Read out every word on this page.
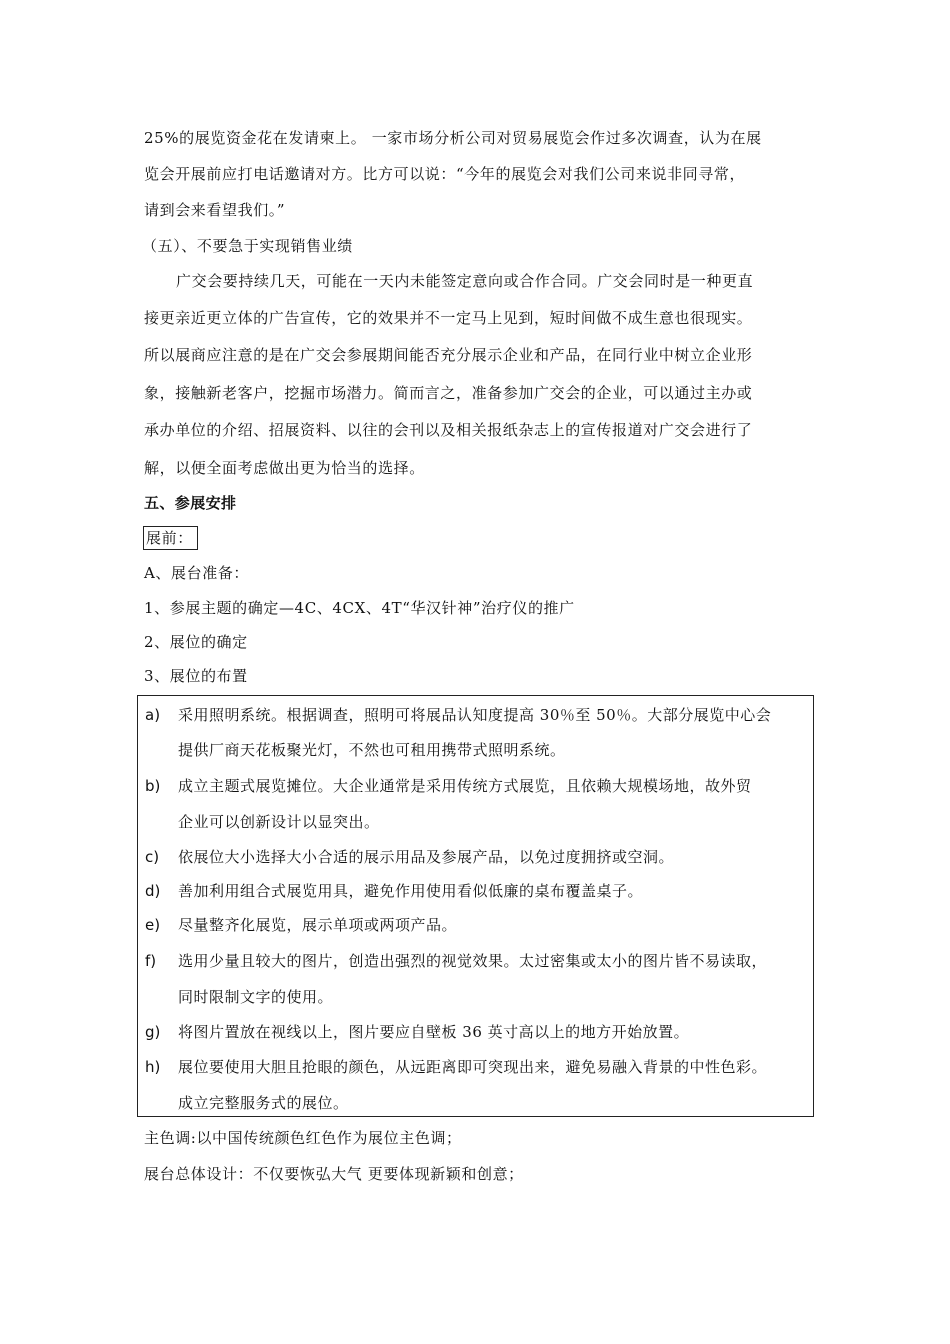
25%的展览资金花在发请柬上。 一家市场分析公司对贸易展览会作过多次调查，认为在展
览会开展前应打电话邀请对方。比方可以说：“今年的展览会对我们公司来说非同寻常，
请到会来看望我们。”
（五）、不要急于实现销售业绩
广交会要持续几天，可能在一天内未能签定意向或合作合同。广交会同时是一种更直
接更亲近更立体的广告宣传，它的效果并不一定马上见到，短时间做不成生意也很现实。
所以展商应注意的是在广交会参展期间能否充分展示企业和产品，在同行业中树立企业形
象，接触新老客户，挖掘市场潜力。简而言之，准备参加广交会的企业，可以通过主办或
承办单位的介绍、招展资料、以往的会刊以及相关报纸杂志上的宣传报道对广交会进行了
解，以便全面考虑做出更为恰当的选择。
五、参展安排
展前：
A、展台准备：
1、参展主题的确定—4C、4CX、4T“华汉针神”治疗仪的推广
2、展位的确定
3、展位的布置
a) 采用照明系统。根据调查，照明可将展品认知度提高 30％至 50％。大部分展览中心会
提供厂商天花板聚光灯，不然也可租用携带式照明系统。
b) 成立主题式展览摊位。大企业通常是采用传统方式展览，且依赖大规模场地，故外贸
企业可以创新设计以显突出。
c) 依展位大小选择大小合适的展示用品及参展产品，以免过度拥挤或空洞。
d) 善加利用组合式展览用具，避免作用使用看似低廉的桌布覆盖桌子。
e) 尽量整齐化展览，展示单项或两项产品。
f) 选用少量且较大的图片，创造出强烈的视觉效果。太过密集或太小的图片皆不易读取，
同时限制文字的使用。
g) 将图片置放在视线以上，图片要应自壁板 36 英寸高以上的地方开始放置。
h) 展位要使用大胆且抢眼的颜色，从远距离即可突现出来，避免易融入背景的中性色彩。
成立完整服务式的展位。
主色调:以中国传统颜色红色作为展位主色调；
展台总体设计：不仅要恢弘大气 更要体现新颖和创意；
